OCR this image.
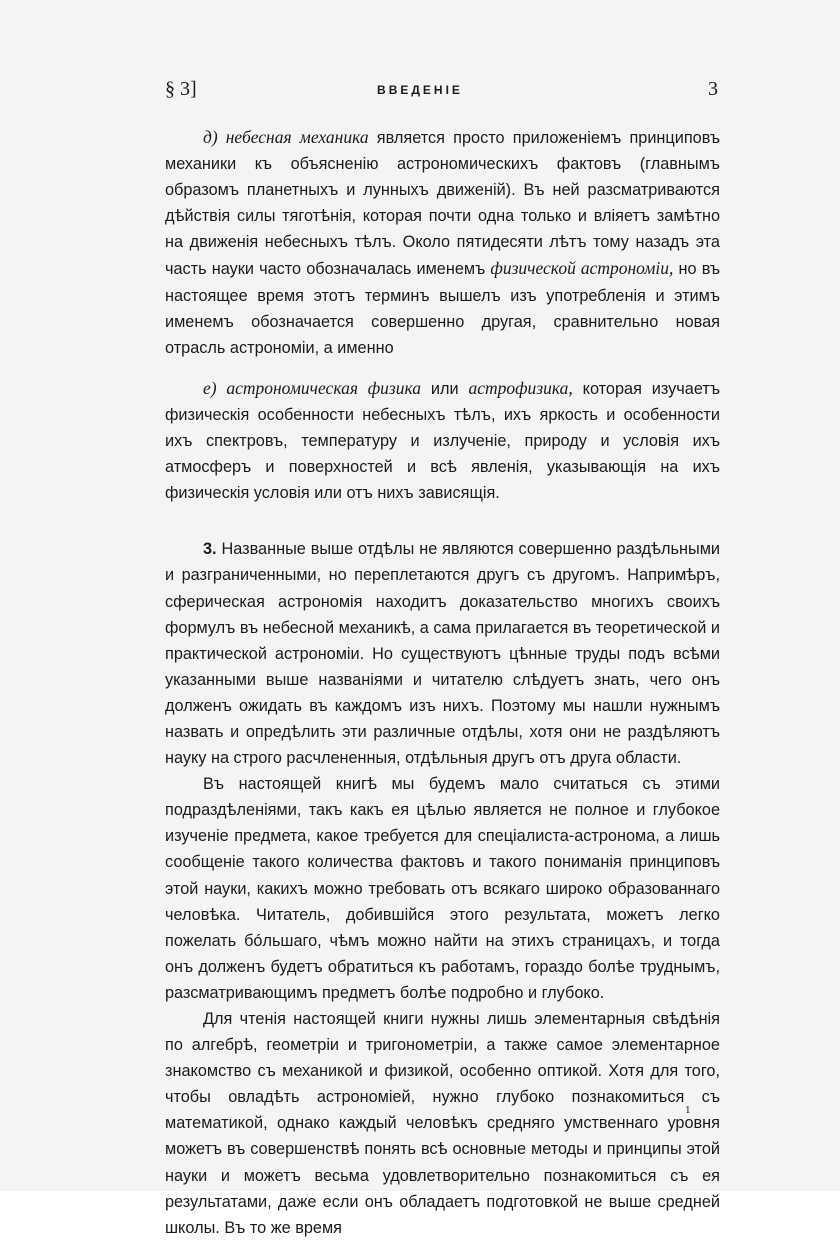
§ 3]	ВВЕДЕНІЕ	3

д) небесная механика является просто приложеніемъ принциповъ механики къ объясненію астрономическихъ фактовъ (главнымъ образомъ планетныхъ и лунныхъ движеній). Въ ней разсматриваются дѣйствія силы тяготѣнія, которая почти одна только и вліяетъ замѣтно на движенія небесныхъ тѣлъ. Около пятидесяти лѣтъ тому назадъ эта часть науки часто обозначалась именемъ физической астрономіи, но въ настоящее время этотъ терминъ вышелъ изъ употребленія и этимъ именемъ обозначается совершенно другая, сравнительно новая отрасль астрономіи, а именно

е) астрономическая физика или астрофизика, которая изучаетъ физическія особенности небесныхъ тѣлъ, ихъ яркость и особенности ихъ спектровъ, температуру и излученіе, природу и условія ихъ атмосферъ и поверхностей и всѣ явленія, указывающія на ихъ физическія условія или отъ нихъ зависящія.

3. Названные выше отдѣлы не являются совершенно раздѣльными и разграниченными, но переплетаются другъ съ другомъ. Напримѣръ, сферическая астрономія находитъ доказательство многихъ своихъ формулъ въ небесной механикѣ, а сама прилагается въ теоретической и практической астрономіи. Но существуютъ цѣнные труды подъ всѣми указанными выше названіями и читателю слѣдуетъ знать, чего онъ долженъ ожидать въ каждомъ изъ нихъ. Поэтому мы нашли нужнымъ назвать и опредѣлить эти различные отдѣлы, хотя они не раздѣляютъ науку на строго расчлененныя, отдѣльныя другъ отъ друга области.

Въ настоящей книгѣ мы будемъ мало считаться съ этими подраздѣленіями, такъ какъ ея цѣлью является не полное и глубокое изученіе предмета, какое требуется для спеціалиста-астронома, а лишь сообщеніе такого количества фактовъ и такого пониманія принциповъ этой науки, какихъ можно требовать отъ всякаго широко образованнаго человѣка. Читатель, добившійся этого результата, можетъ легко пожелать бóльшаго, чѣмъ можно найти на этихъ страницахъ, и тогда онъ долженъ будетъ обратиться къ работамъ, гораздо болѣе труднымъ, разсматривающимъ предметъ болѣе подробно и глубоко.

Для чтенія настоящей книги нужны лишь элементарныя свѣдѣнія по алгебрѣ, геометріи и тригонометріи, а также самое элементарное знакомство съ механикой и физикой, особенно оптикой. Хотя для того, чтобы овладѣть астрономіей, нужно глубоко познакомиться съ математикой, однако каждый человѣкъ средняго умственнаго уровня можетъ въ совершенствѣ понять всѣ основные методы и принципы этой науки и можетъ весьма удовлетворительно познакомиться съ ея результатами, даже если онъ обладаетъ подготовкой не выше средней школы. Въ то же время

1
